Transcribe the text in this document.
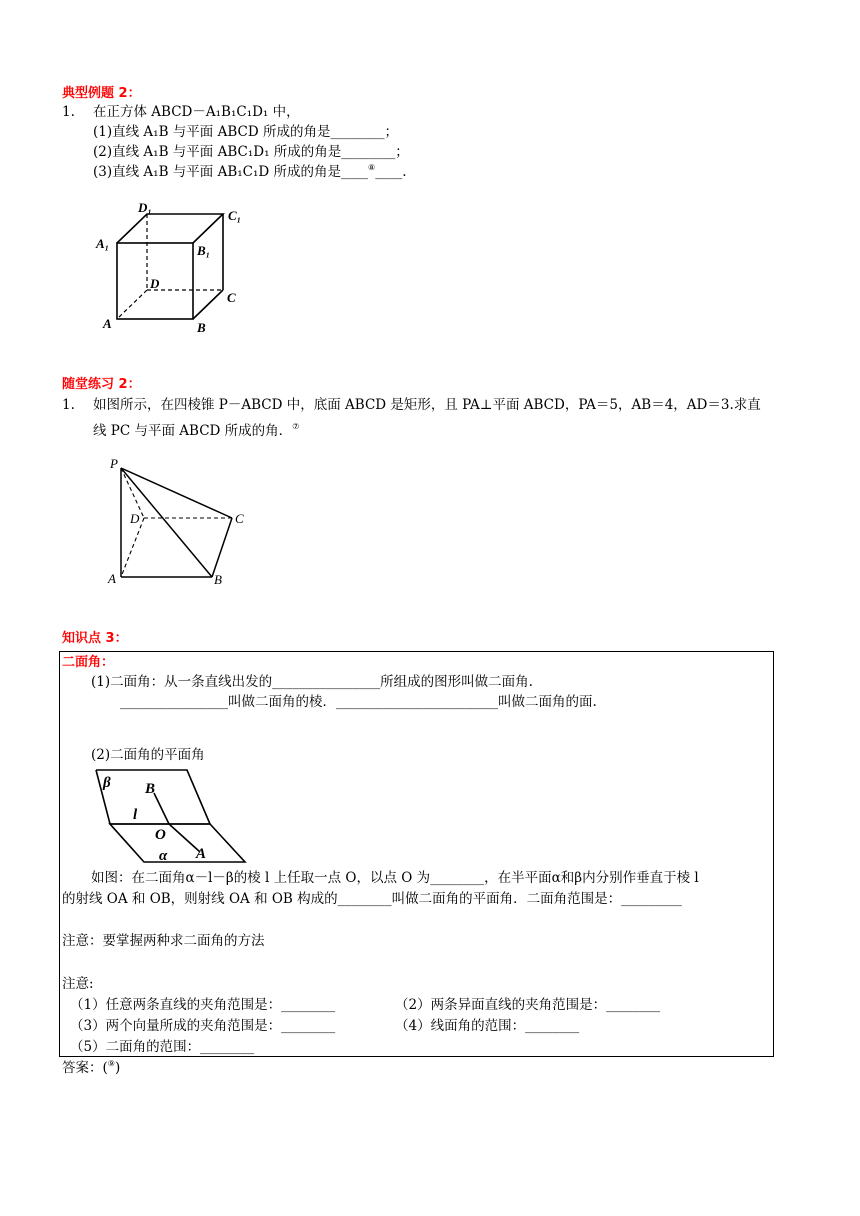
典型例题 2：
1. 在正方体 ABCD－A₁B₁C₁D₁ 中，
(1)直线 A₁B 与平面 ABCD 所成的角是________；
(2)直线 A₁B 与平面 ABC₁D₁ 所成的角是________；
(3)直线 A₁B 与平面 AB₁C₁D 所成的角是____⑧____.
D₁
C₁
A₁	B₁
D
C
A	B
随堂练习 2：
1. 如图所示，在四棱锥 P－ABCD 中，底面 ABCD 是矩形，且 PA⊥平面 ABCD，PA＝5，AB＝4，AD＝3.求直
线 PC 与平面 ABCD 所成的角．⑦
P
D	C
A	B
知识点 3：
二面角：
(1)二面角：从一条直线出发的________________所组成的图形叫做二面角.
________________叫做二面角的棱．________________________叫做二面角的面.
(2)二面角的平面角
β B
l
O
α A
如图：在二面角α－l－β的棱 l 上任取一点 O，以点 O 为________，在半平面α和β内分别作垂直于棱 l
的射线 OA 和 OB，则射线 OA 和 OB 构成的________叫做二面角的平面角．二面角范围是：_________
注意：要掌握两种求二面角的方法
注意:
（1）任意两条直线的夹角范围是：________	（2）两条异面直线的夹角范围是：________
（3）两个向量所成的夹角范围是：________	（4）线面角的范围：________
（5）二面角的范围：________
答案：(⑨)
